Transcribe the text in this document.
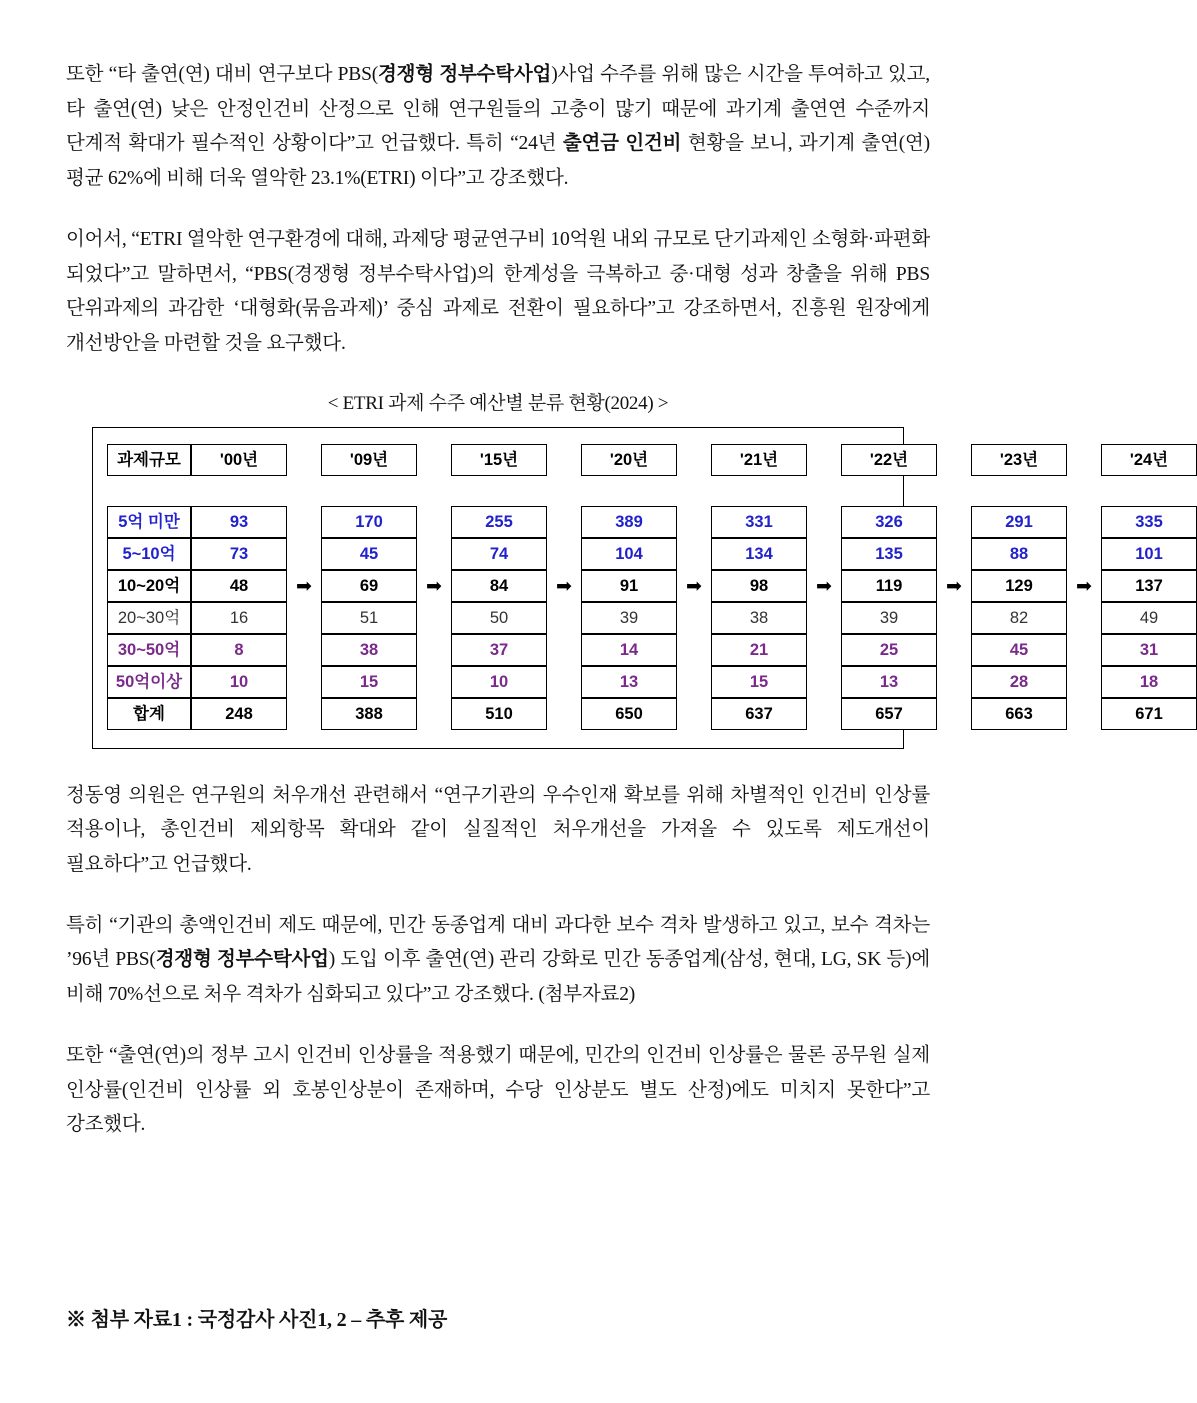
또한 “타 출연(연) 대비 연구보다 PBS(경쟁형 정부수탁사업)사업 수주를 위해 많은 시간을 투여하고 있고, 타 출연(연) 낮은 안정인건비 산정으로 인해 연구원들의 고충이 많기 때문에 과기계 출연연 수준까지 단계적 확대가 필수적인 상황이다”고 언급했다. 특히 “24년 출연금 인건비 현황을 보니, 과기계 출연(연) 평균 62%에 비해 더욱 열악한 23.1%(ETRI) 이다”고 강조했다.

이어서, “ETRI 열악한 연구환경에 대해, 과제당 평균연구비 10억원 내외 규모로 단기과제인 소형화·파편화 되었다”고 말하면서, “PBS(경쟁형 정부수탁사업)의 한계성을 극복하고 중·대형 성과 창출을 위해 PBS 단위과제의 과감한 ‘대형화(묶음과제)’ 중심 과제로 전환이 필요하다”고 강조하면서, 진흥원 원장에게 개선방안을 마련할 것을 요구했다.

< ETRI 과제 수주 예산별 분류 현황(2024) >
과제규모	'00년		'09년		'15년		'20년		'21년		'22년		'23년		'24년

5억 미만	93		170		255		389		331		326		291		335

5~10억	73		45		74		104		134		135		88		101

10~20억	48	➡	69	➡	84	➡	91	➡	98	➡	119	➡	129	➡	137

20~30억	16		51		50		39		38		39		82		49

30~50억	8		38		37		14		21		25		45		31

50억이상	10		15		10		13		15		13		28		18

합계	248		388		510		650		637		657		663		671

정동영 의원은 연구원의 처우개선 관련해서 “연구기관의 우수인재 확보를 위해 차별적인 인건비 인상률 적용이나, 총인건비 제외항목 확대와 같이 실질적인 처우개선을 가져올 수 있도록 제도개선이 필요하다”고 언급했다.

특히 “기관의 총액인건비 제도 때문에, 민간 동종업계 대비 과다한 보수 격차 발생하고 있고, 보수 격차는 ’96년 PBS(경쟁형 정부수탁사업) 도입 이후 출연(연) 관리 강화로 민간 동종업계(삼성, 현대, LG, SK 등)에 비해 70%선으로 처우 격차가 심화되고 있다”고 강조했다. (첨부자료2)

또한 “출연(연)의 정부 고시 인건비 인상률을 적용했기 때문에, 민간의 인건비 인상률은 물론 공무원 실제 인상률(인건비 인상률 외 호봉인상분이 존재하며, 수당 인상분도 별도 산정)에도 미치지 못한다”고 강조했다.

※ 첨부 자료1 : 국정감사 사진1, 2 – 추후 제공
